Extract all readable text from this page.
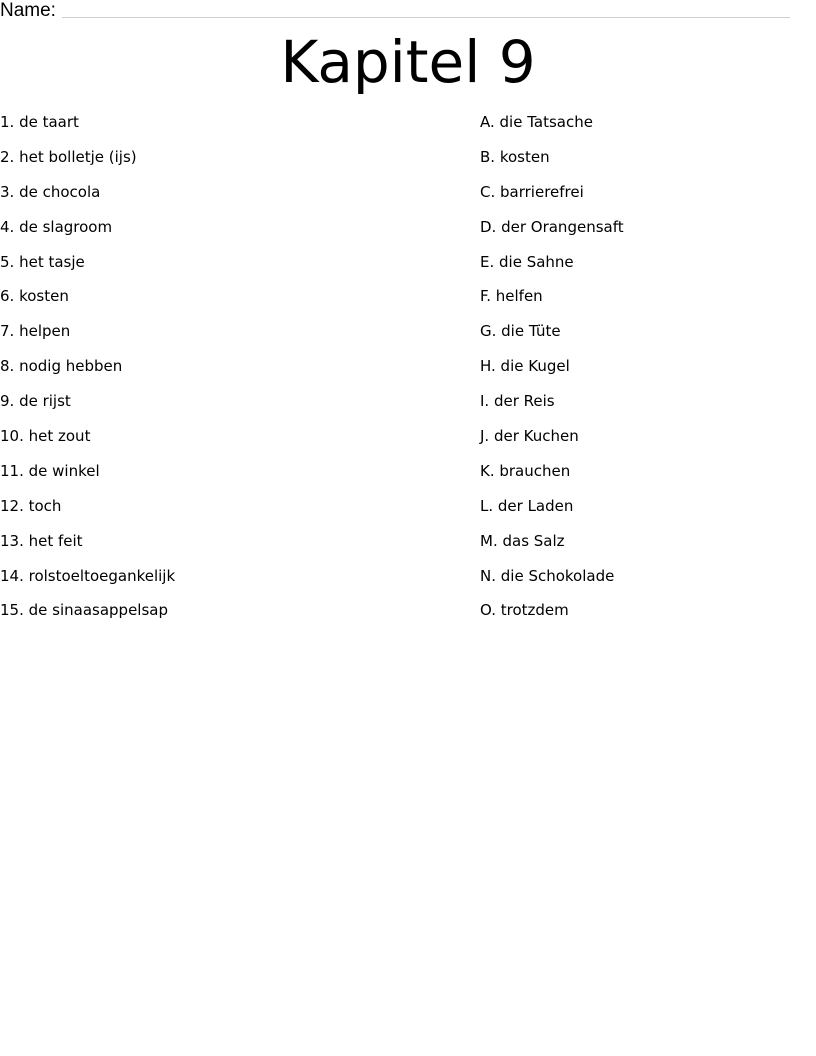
Name:
Kapitel 9
1. de taart
2. het bolletje (ijs)
3. de chocola
4. de slagroom
5. het tasje
6. kosten
7. helpen
8. nodig hebben
9. de rijst
10. het zout
11. de winkel
12. toch
13. het feit
14. rolstoeltoegankelijk
15. de sinaasappelsap
A. die Tatsache
B. kosten
C. barrierefrei
D. der Orangensaft
E. die Sahne
F. helfen
G. die Tüte
H. die Kugel
I. der Reis
J. der Kuchen
K. brauchen
L. der Laden
M. das Salz
N. die Schokolade
O. trotzdem
